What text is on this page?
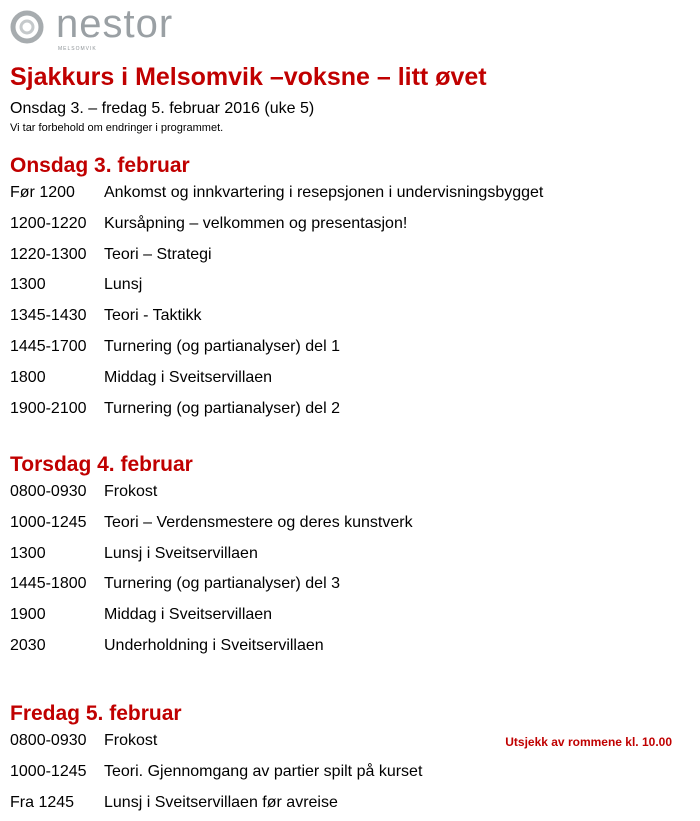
nestor
MELSOMVIK
Sjakkurs i Melsomvik –voksne – litt øvet
Onsdag 3. – fredag 5. februar 2016 (uke 5)
Vi tar forbehold om endringer i programmet.
Onsdag 3. februar
Før 1200 Ankomst og innkvartering i resepsjonen i undervisningsbygget
1200-1220 Kursåpning – velkommen og presentasjon!
1220-1300 Teori – Strategi
1300	Lunsj
1345-1430 Teori - Taktikk
1445-1700 Turnering (og partianalyser) del 1
1800	Middag i Sveitservillaen
1900-2100 Turnering (og partianalyser) del 2
Torsdag 4. februar
0800-0930 Frokost
1000-1245 Teori – Verdensmestere og deres kunstverk
1300	Lunsj i Sveitservillaen
1445-1800 Turnering (og partianalyser) del 3
1900	Middag i Sveitservillaen
2030	Underholdning i Sveitservillaen
Fredag 5. februar
0800-0930 Frokost	Utsjekk av rommene kl. 10.00
1000-1245 Teori. Gjennomgang av partier spilt på kurset
Fra 1245 Lunsj i Sveitservillaen før avreise
